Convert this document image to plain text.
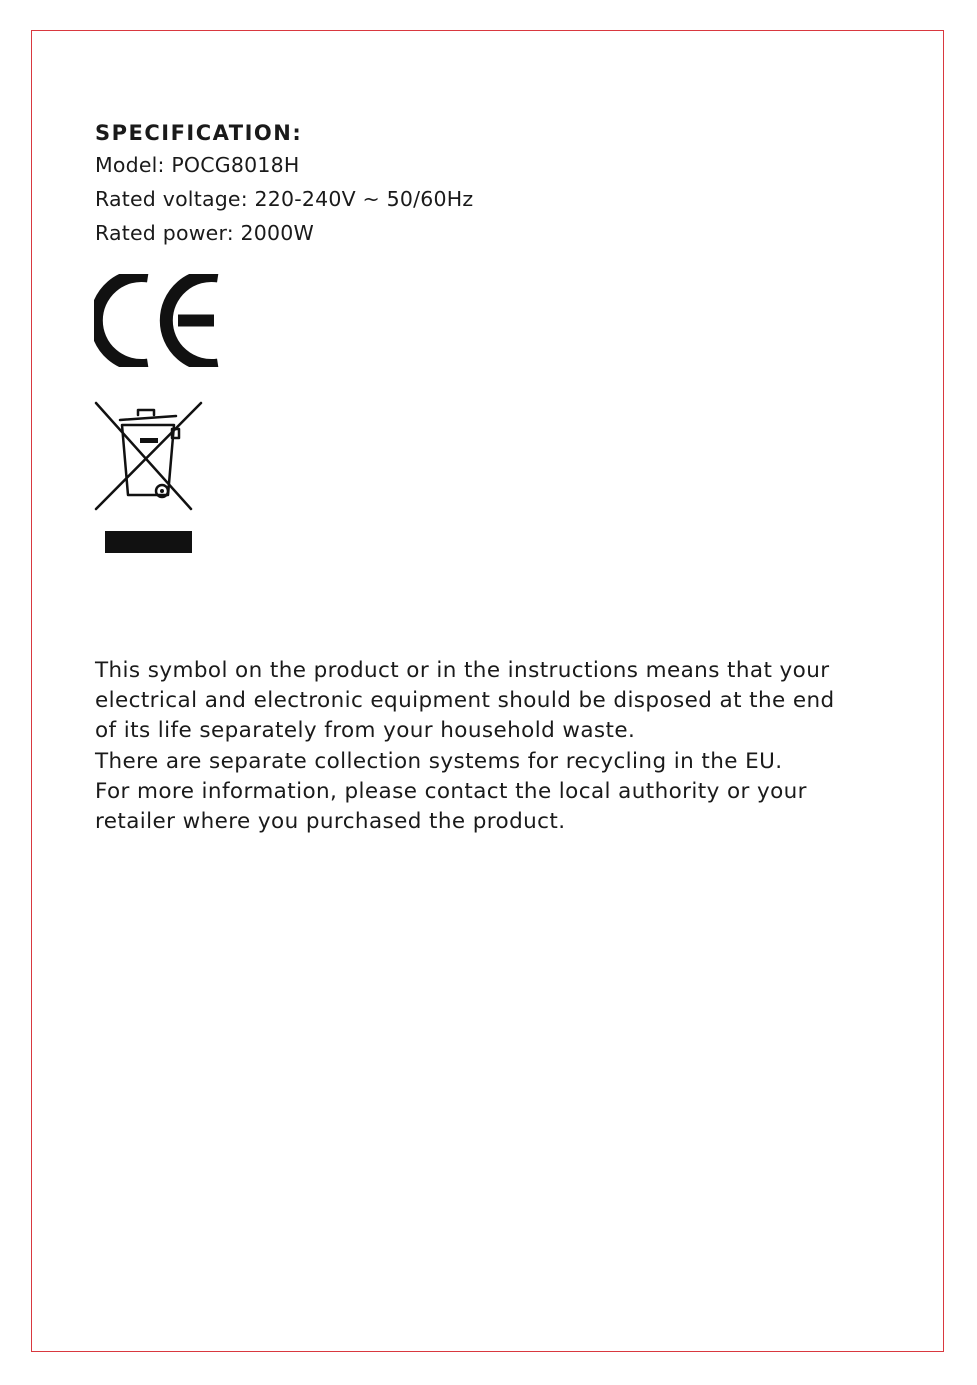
SPECIFICATION:
Model: POCG8018H
Rated voltage: 220-240V ~ 50/60Hz
Rated power: 2000W
This symbol on the product or in the instructions means that your
electrical and electronic equipment should be disposed at the end
of its life separately from your household waste.
There are separate collection systems for recycling in the EU.
For more information, please contact the local authority or your
retailer where you purchased the product.
